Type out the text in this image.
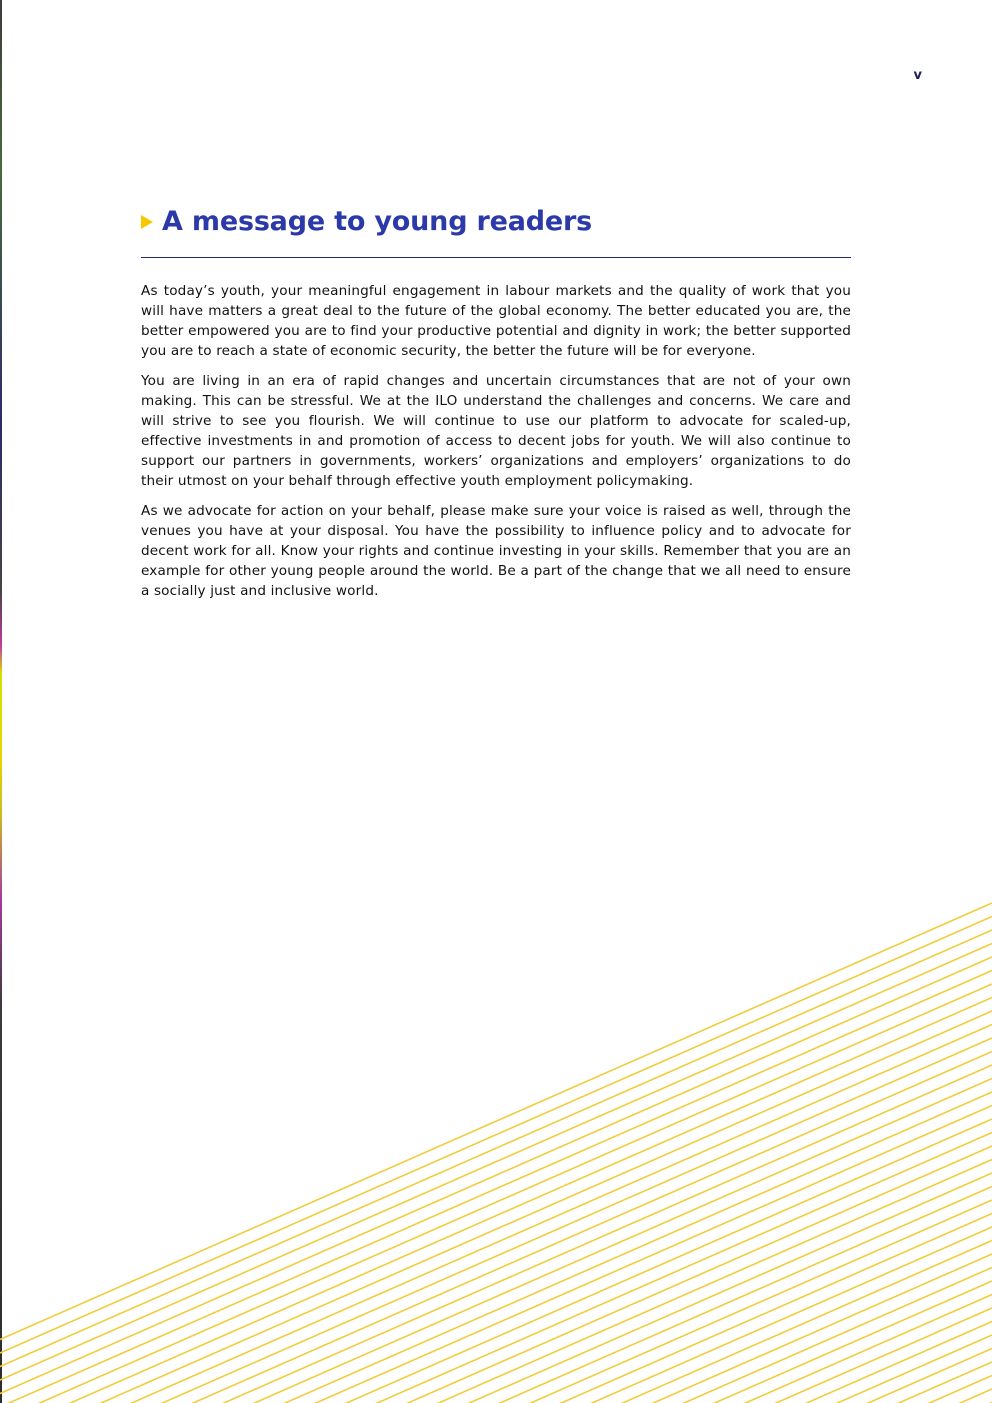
v
A message to young readers

As today’s youth, your meaningful engagement in labour markets and the quality of work that you will have matters a great deal to the future of the global economy. The better educated you are, the better empowered you are to find your productive potential and dignity in work; the better supported you are to reach a state of economic security, the better the future will be for everyone.

You are living in an era of rapid changes and uncertain circumstances that are not of your own making. This can be stressful. We at the ILO understand the challenges and concerns. We care and will strive to see you flourish. We will continue to use our platform to advocate for scaled-up, effective investments in and promotion of access to decent jobs for youth. We will also continue to support our partners in governments, workers’ organizations and employers’ organizations to do their utmost on your behalf through effective youth employment policymaking.

As we advocate for action on your behalf, please make sure your voice is raised as well, through the venues you have at your disposal. You have the possibility to influence policy and to advocate for decent work for all. Know your rights and continue investing in your skills. Remember that you are an example for other young people around the world. Be a part of the change that we all need to ensure a socially just and inclusive world.
